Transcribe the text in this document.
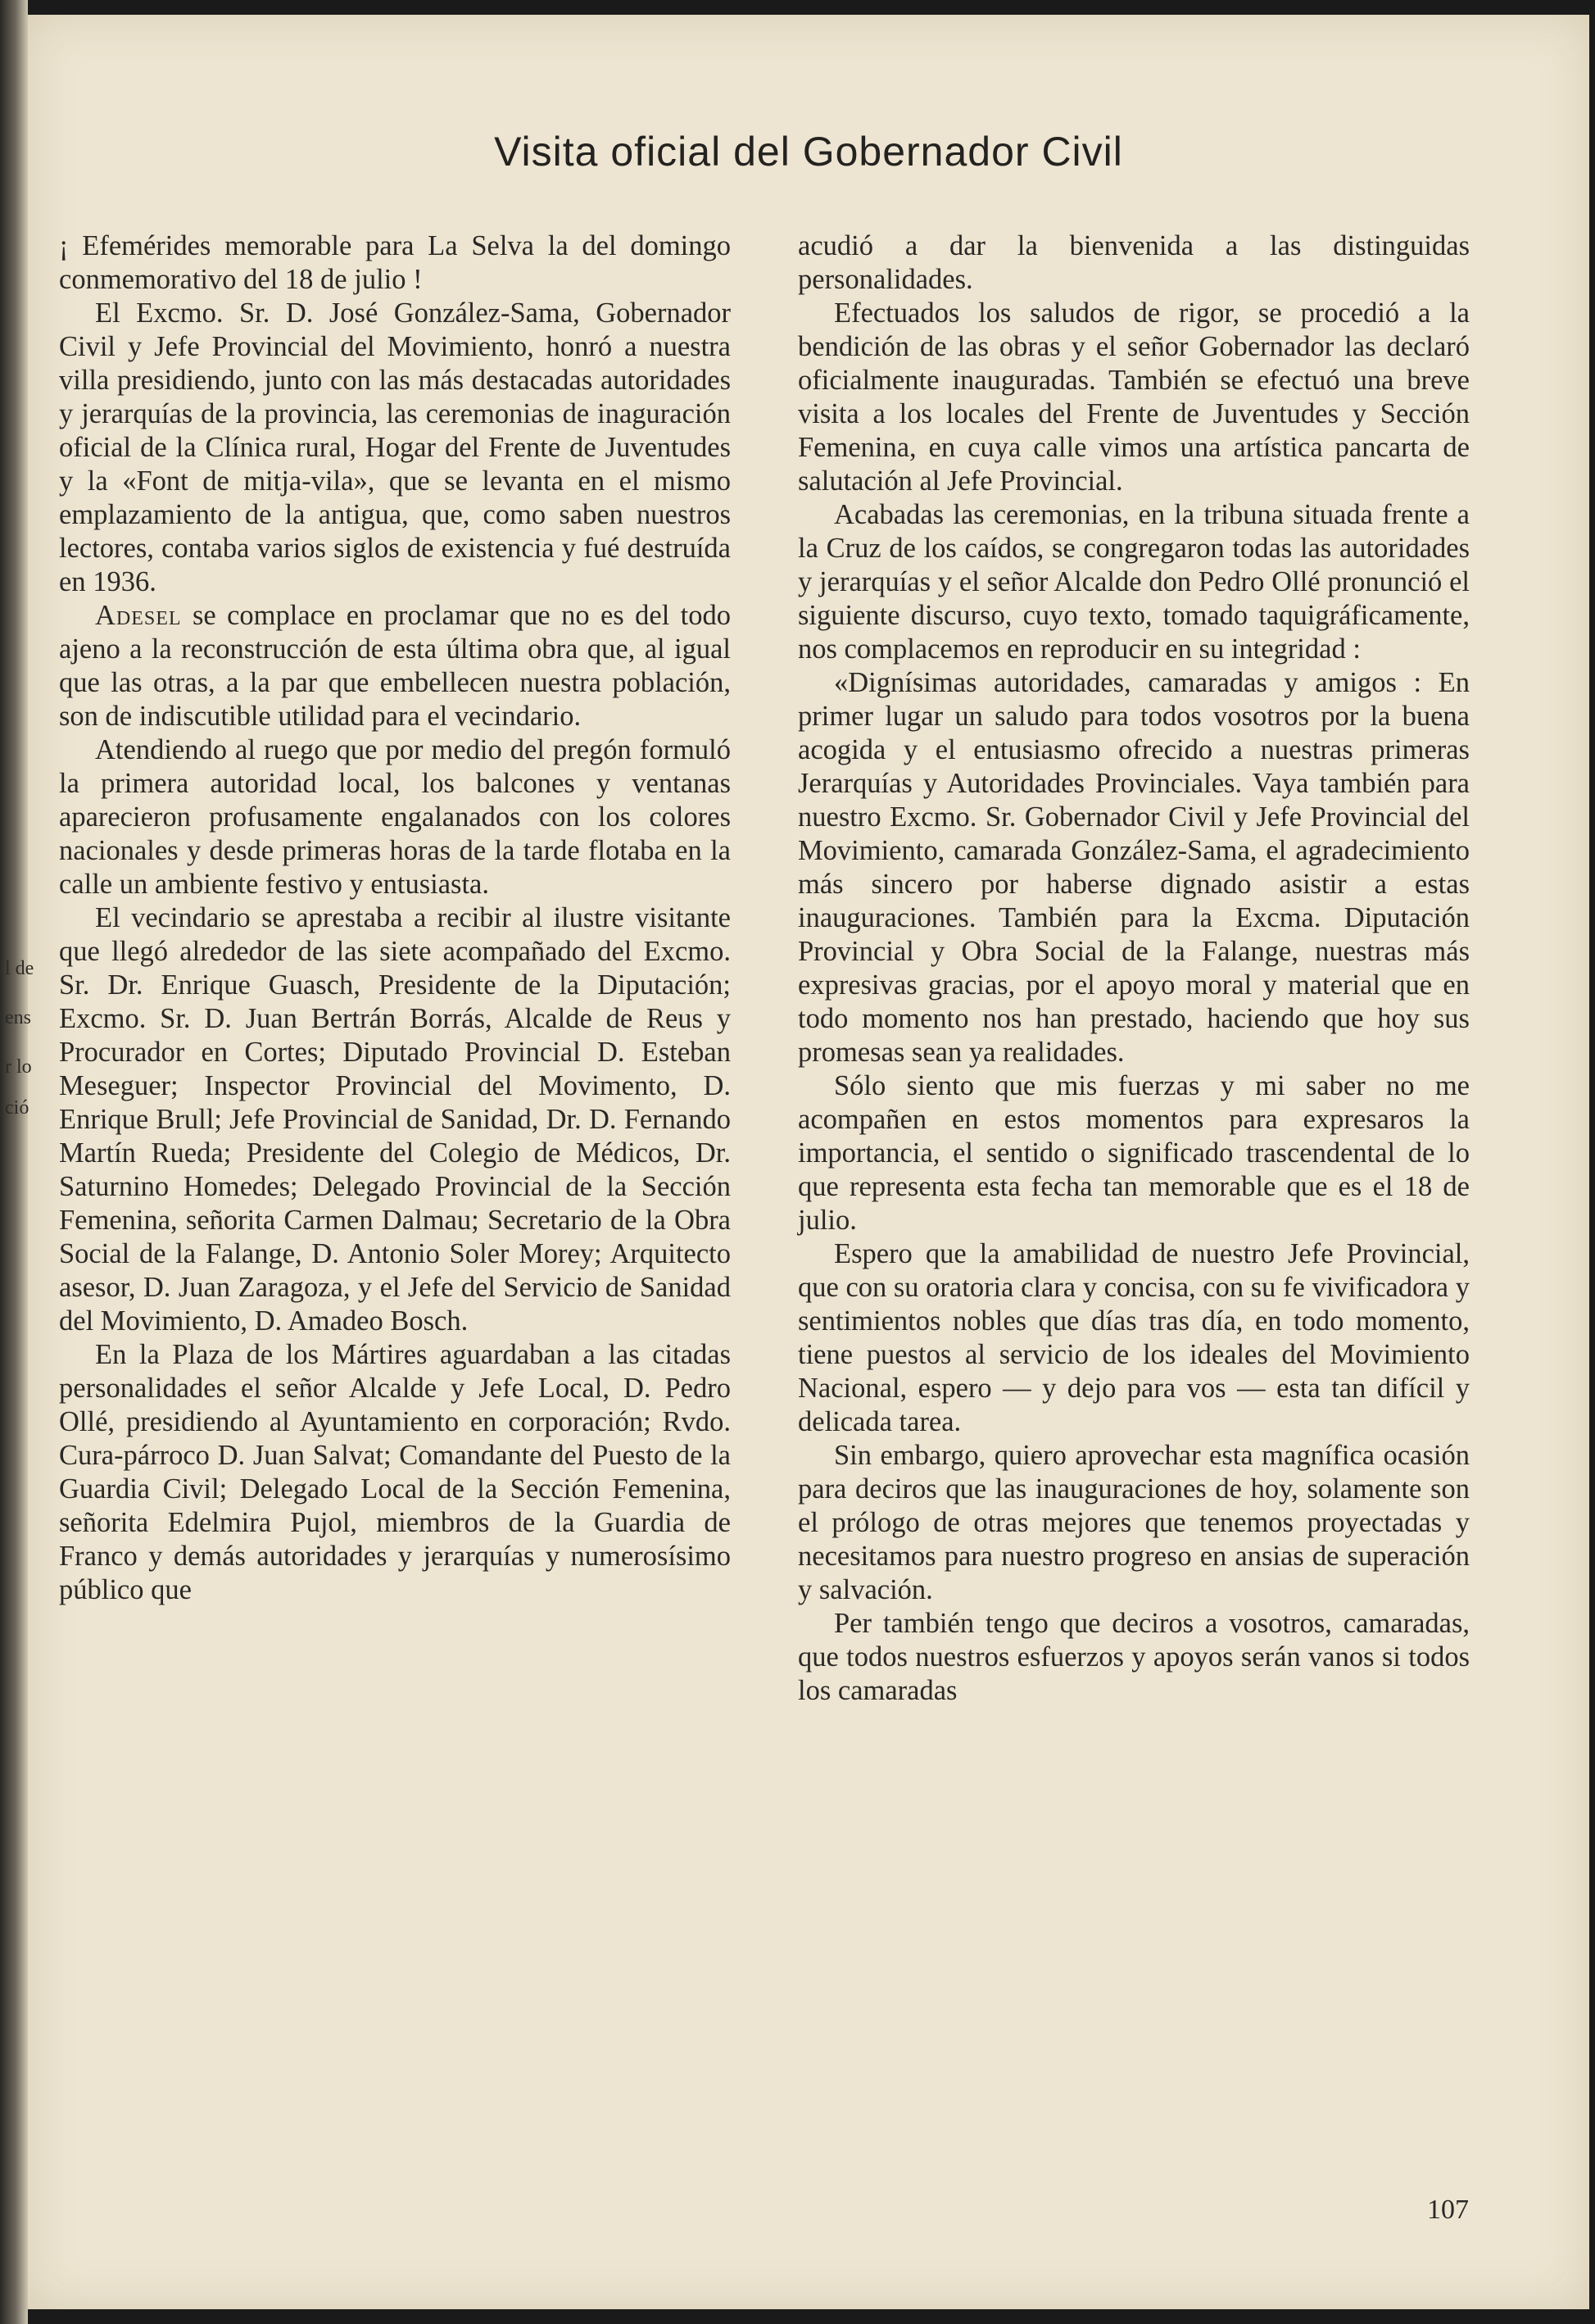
Visita oficial del Gobernador Civil

¡ Efemérides memorable para La Selva la del domingo conmemorativo del 18 de julio !

El Excmo. Sr. D. José González-Sama, Gobernador Civil y Jefe Provincial del Movimiento, honró a nuestra villa presidiendo, junto con las más destacadas autoridades y jerarquías de la provincia, las ceremonias de inaguración oficial de la Clínica rural, Hogar del Frente de Juventudes y la «Font de mitja-vila», que se levanta en el mismo emplazamiento de la antigua, que, como saben nuestros lectores, contaba varios siglos de existencia y fué destruída en 1936.

Adesel se complace en proclamar que no es del todo ajeno a la reconstrucción de esta última obra que, al igual que las otras, a la par que embellecen nuestra población, son de indiscutible utilidad para el vecindario.

Atendiendo al ruego que por medio del pregón formuló la primera autoridad local, los balcones y ventanas aparecieron profusamente engalanados con los colores nacionales y desde primeras horas de la tarde flotaba en la calle un ambiente festivo y entusiasta.

El vecindario se aprestaba a recibir al ilustre visitante que llegó alrededor de las siete acompañado del Excmo. Sr. Dr. Enrique Guasch, Presidente de la Diputación; Excmo. Sr. D. Juan Bertrán Borrás, Alcalde de Reus y Procurador en Cortes; Diputado Provincial D. Esteban Meseguer; Inspector Provincial del Movimento, D. Enrique Brull; Jefe Provincial de Sanidad, Dr. D. Fernando Martín Rueda; Presidente del Colegio de Médicos, Dr. Saturnino Homedes; Delegado Provincial de la Sección Femenina, señorita Carmen Dalmau; Secretario de la Obra Social de la Falange, D. Antonio Soler Morey; Arquitecto asesor, D. Juan Zaragoza, y el Jefe del Servicio de Sanidad del Movimiento, D. Amadeo Bosch.

En la Plaza de los Mártires aguardaban a las citadas personalidades el señor Alcalde y Jefe Local, D. Pedro Ollé, presidiendo al Ayuntamiento en corporación; Rvdo. Cura-párroco D. Juan Salvat; Comandante del Puesto de la Guardia Civil; Delegado Local de la Sección Femenina, señorita Edelmira Pujol, miembros de la Guardia de Franco y demás autoridades y jerarquías y numerosísimo público que

acudió a dar la bienvenida a las distinguidas personalidades.

Efectuados los saludos de rigor, se procedió a la bendición de las obras y el señor Gobernador las declaró oficialmente inauguradas. También se efectuó una breve visita a los locales del Frente de Juventudes y Sección Femenina, en cuya calle vimos una artística pancarta de salutación al Jefe Provincial.

Acabadas las ceremonias, en la tribuna situada frente a la Cruz de los caídos, se congregaron todas las autoridades y jerarquías y el señor Alcalde don Pedro Ollé pronunció el siguiente discurso, cuyo texto, tomado taquigráficamente, nos complacemos en reproducir en su integridad :

«Dignísimas autoridades, camaradas y amigos : En primer lugar un saludo para todos vosotros por la buena acogida y el entusiasmo ofrecido a nuestras primeras Jerarquías y Autoridades Provinciales. Vaya también para nuestro Excmo. Sr. Gobernador Civil y Jefe Provincial del Movimiento, camarada González-Sama, el agradecimiento más sincero por haberse dignado asistir a estas inauguraciones. También para la Excma. Diputación Provincial y Obra Social de la Falange, nuestras más expresivas gracias, por el apoyo moral y material que en todo momento nos han prestado, haciendo que hoy sus promesas sean ya realidades.

Sólo siento que mis fuerzas y mi saber no me acompañen en estos momentos para expresaros la importancia, el sentido o significado trascendental de lo que representa esta fecha tan memorable que es el 18 de julio.

Espero que la amabilidad de nuestro Jefe Provincial, que con su oratoria clara y concisa, con su fe vivificadora y sentimientos nobles que días tras día, en todo momento, tiene puestos al servicio de los ideales del Movimiento Nacional, espero — y dejo para vos — esta tan difícil y delicada tarea.

Sin embargo, quiero aprovechar esta magnífica ocasión para deciros que las inauguraciones de hoy, solamente son el prólogo de otras mejores que tenemos proyectadas y necesitamos para nuestro progreso en ansias de superación y salvación.

Per también tengo que deciros a vosotros, camaradas, que todos nuestros esfuerzos y apoyos serán vanos si todos los camaradas

107
l de
ens
r lo
ció
